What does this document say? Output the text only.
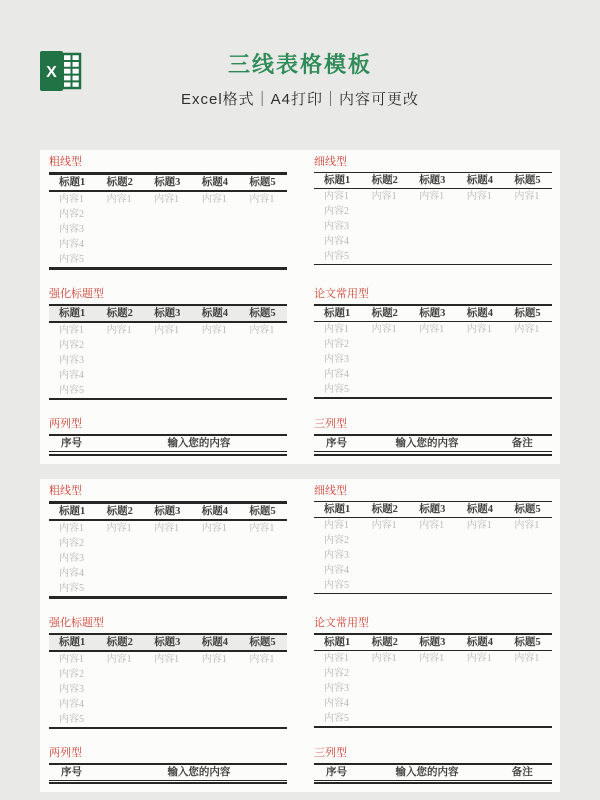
X	三线表格模板
Excel格式｜A4打印｜内容可更改
粗线型
标题1	标题2	标题3	标题4	标题5
内容1	内容1	内容1	内容1	内容1
内容2				
内容3				
内容4				
内容5				
细线型
标题1	标题2	标题3	标题4	标题5
内容1	内容1	内容1	内容1	内容1
内容2				
内容3				
内容4				
内容5				
强化标题型
标题1	标题2	标题3	标题4	标题5
内容1	内容1	内容1	内容1	内容1
内容2				
内容3				
内容4				
内容5				
论文常用型
标题1	标题2	标题3	标题4	标题5
内容1	内容1	内容1	内容1	内容1
内容2				
内容3				
内容4				
内容5				
两列型
序号	输入您的内容

三列型
序号	输入您的内容	备注

粗线型
标题1	标题2	标题3	标题4	标题5
内容1	内容1	内容1	内容1	内容1
内容2				
内容3				
内容4				
内容5				
细线型
标题1	标题2	标题3	标题4	标题5
内容1	内容1	内容1	内容1	内容1
内容2				
内容3				
内容4				
内容5				
强化标题型
标题1	标题2	标题3	标题4	标题5
内容1	内容1	内容1	内容1	内容1
内容2				
内容3				
内容4				
内容5				
论文常用型
标题1	标题2	标题3	标题4	标题5
内容1	内容1	内容1	内容1	内容1
内容2				
内容3				
内容4				
内容5				
两列型
序号	输入您的内容

三列型
序号	输入您的内容	备注
